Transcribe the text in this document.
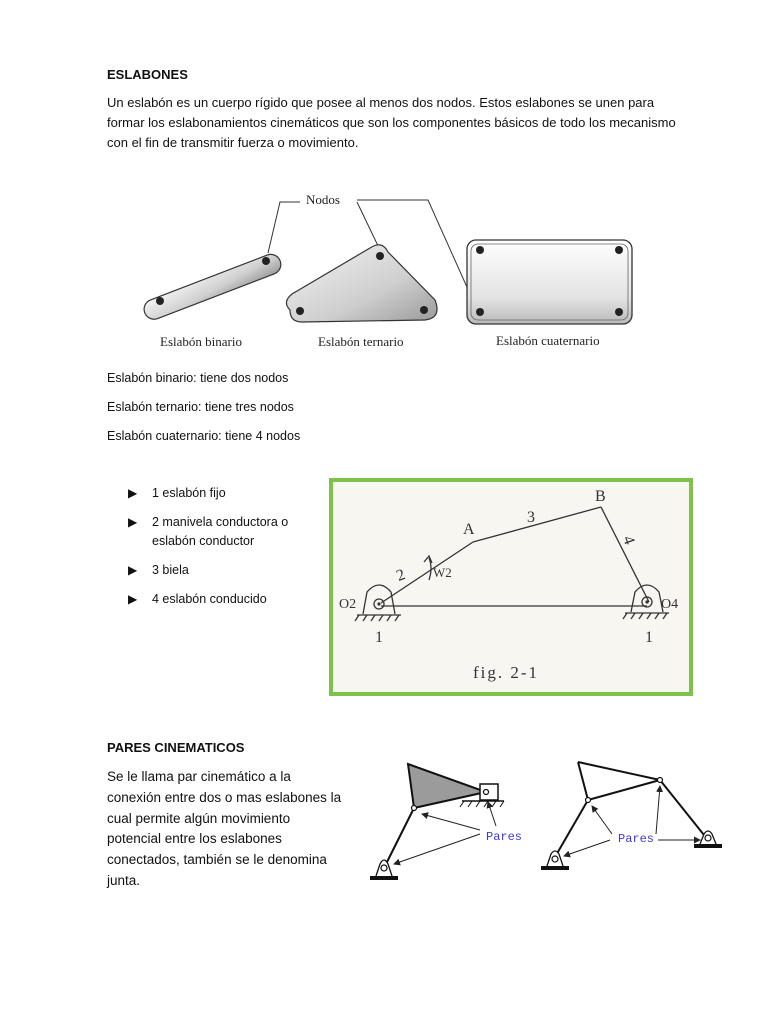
ESLABONES
Un eslabón es un cuerpo rígido que posee al menos dos nodos. Estos eslabones se unen para
formar los eslabonamientos cinemáticos que son los componentes básicos de todo los mecanismo
con el fin de transmitir fuerza o movimiento.
Nodos
Eslabón binario	Eslabón ternario	Eslabón cuaternario
Eslabón binario: tiene dos nodos
Eslabón ternario: tiene tres nodos
Eslabón cuaternario: tiene 4 nodos
▶ 1 eslabón fijo
▶ 2 manivela conductora o eslabón conductor
▶ 3 biela
▶ 4 eslabón conducido
A
B
3
2
4
W2
O2	O4
1	1
fig. 2-1
PARES CINEMATICOS
Se le llama par cinemático a la
conexión entre dos o mas eslabones la
cual permite algún movimiento
potencial entre los eslabones
conectados, también se le denomina
junta.
Pares	Pares
